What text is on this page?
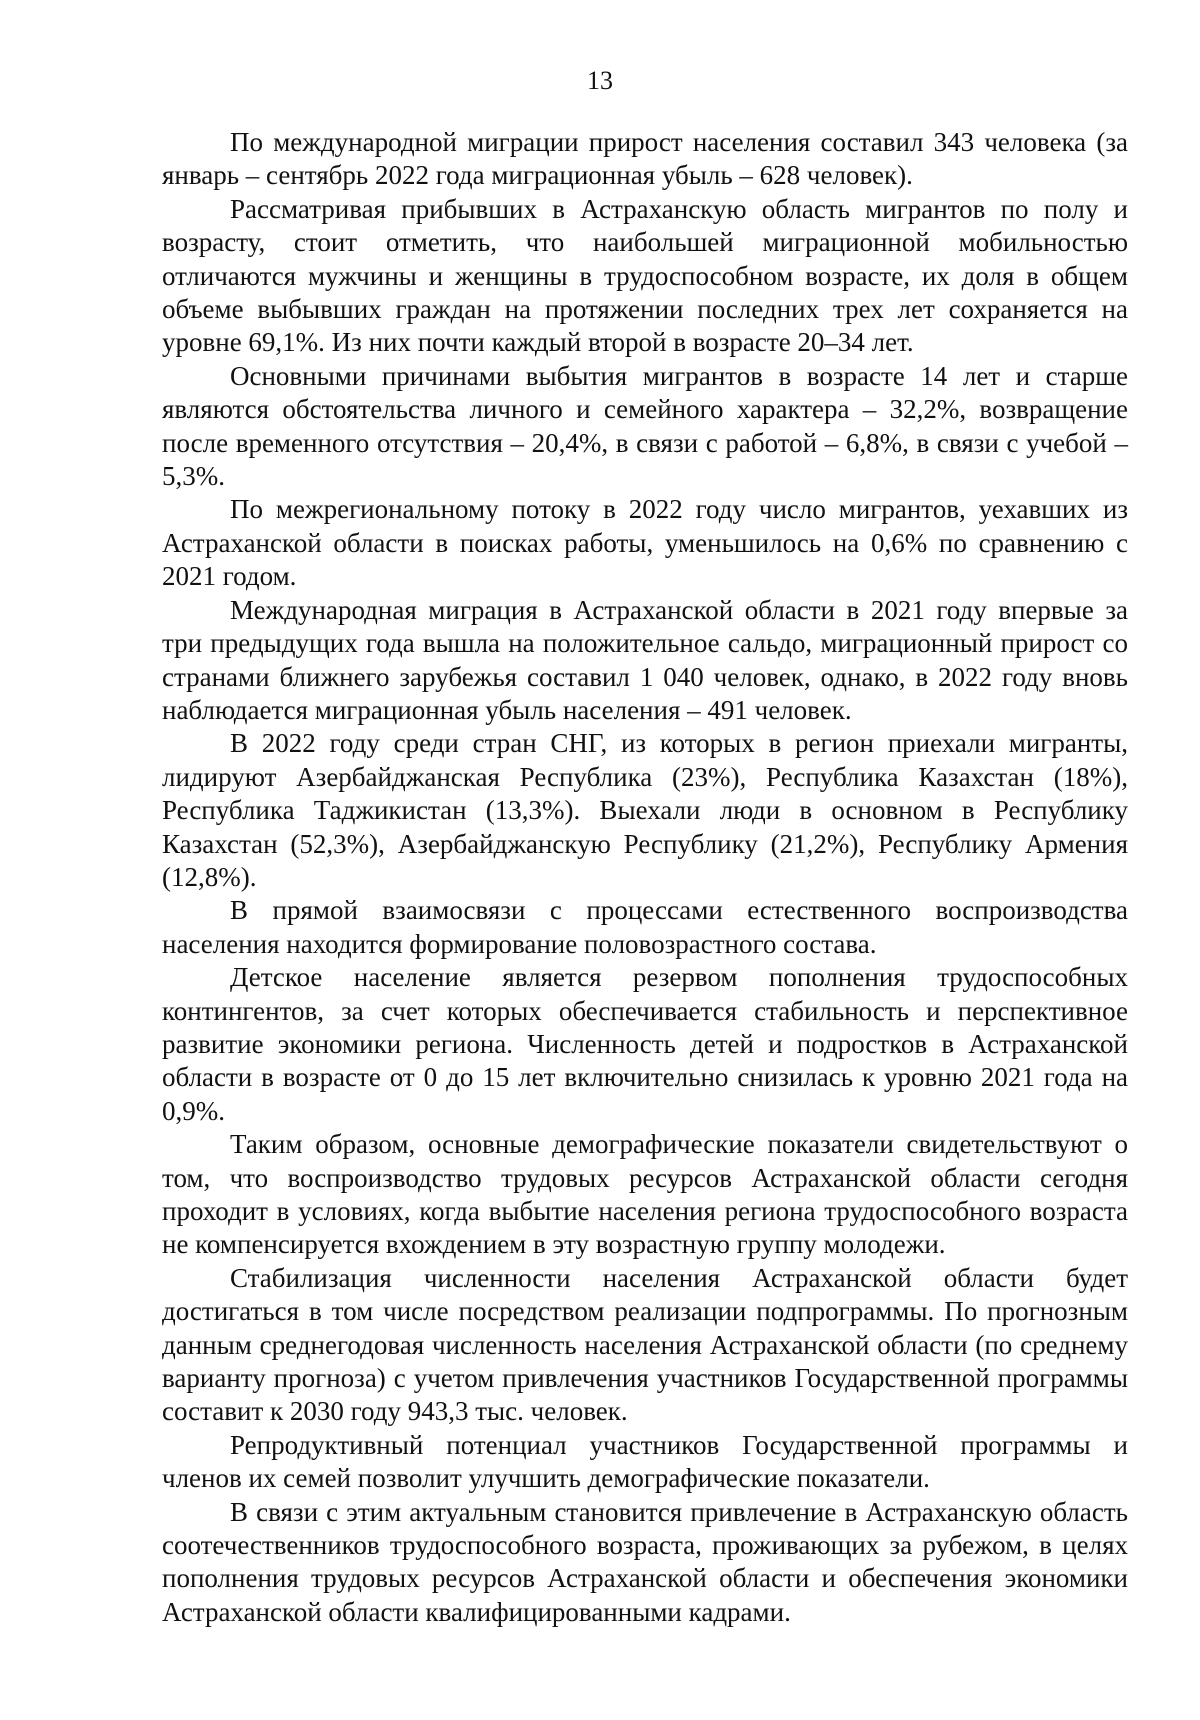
13

По международной миграции прирост населения составил 343 человека (за январь – сентябрь 2022 года миграционная убыль – 628 человек).

Рассматривая прибывших в Астраханскую область мигрантов по полу и возрасту, стоит отметить, что наибольшей миграционной мобильностью отличаются мужчины и женщины в трудоспособном возрасте, их доля в общем объеме выбывших граждан на протяжении последних трех лет сохраняется на уровне 69,1%. Из них почти каждый второй в возрасте 20–34 лет.

Основными причинами выбытия мигрантов в возрасте 14 лет и старше являются обстоятельства личного и семейного характера – 32,2%, возвращение после временного отсутствия – 20,4%, в связи с работой – 6,8%, в связи с учебой – 5,3%.

По межрегиональному потоку в 2022 году число мигрантов, уехавших из Астраханской области в поисках работы, уменьшилось на 0,6% по сравнению с 2021 годом.

Международная миграция в Астраханской области в 2021 году впервые за три предыдущих года вышла на положительное сальдо, миграционный прирост со странами ближнего зарубежья составил 1 040 человек, однако, в 2022 году вновь наблюдается миграционная убыль населения – 491 человек.

В 2022 году среди стран СНГ, из которых в регион приехали мигранты, лидируют Азербайджанская Республика (23%), Республика Казахстан (18%), Республика Таджикистан (13,3%). Выехали люди в основном в Республику Казахстан (52,3%), Азербайджанскую Республику (21,2%), Республику Армения (12,8%).

В прямой взаимосвязи с процессами естественного воспроизводства населения находится формирование половозрастного состава.

Детское население является резервом пополнения трудоспособных контингентов, за счет которых обеспечивается стабильность и перспективное развитие экономики региона. Численность детей и подростков в Астраханской области в возрасте от 0 до 15 лет включительно снизилась к уровню 2021 года на 0,9%.

Таким образом, основные демографические показатели свидетельствуют о том, что воспроизводство трудовых ресурсов Астраханской области сегодня проходит в условиях, когда выбытие населения региона трудоспособного возраста не компенсируется вхождением в эту возрастную группу молодежи.

Стабилизация численности населения Астраханской области будет достигаться в том числе посредством реализации подпрограммы. По прогнозным данным среднегодовая численность населения Астраханской области (по среднему варианту прогноза) с учетом привлечения участников Государственной программы составит к 2030 году 943,3 тыс. человек.

Репродуктивный потенциал участников Государственной программы и членов их семей позволит улучшить демографические показатели.

В связи с этим актуальным становится привлечение в Астраханскую область соотечественников трудоспособного возраста, проживающих за рубежом, в целях пополнения трудовых ресурсов Астраханской области и обеспечения экономики Астраханской области квалифицированными кадрами.
